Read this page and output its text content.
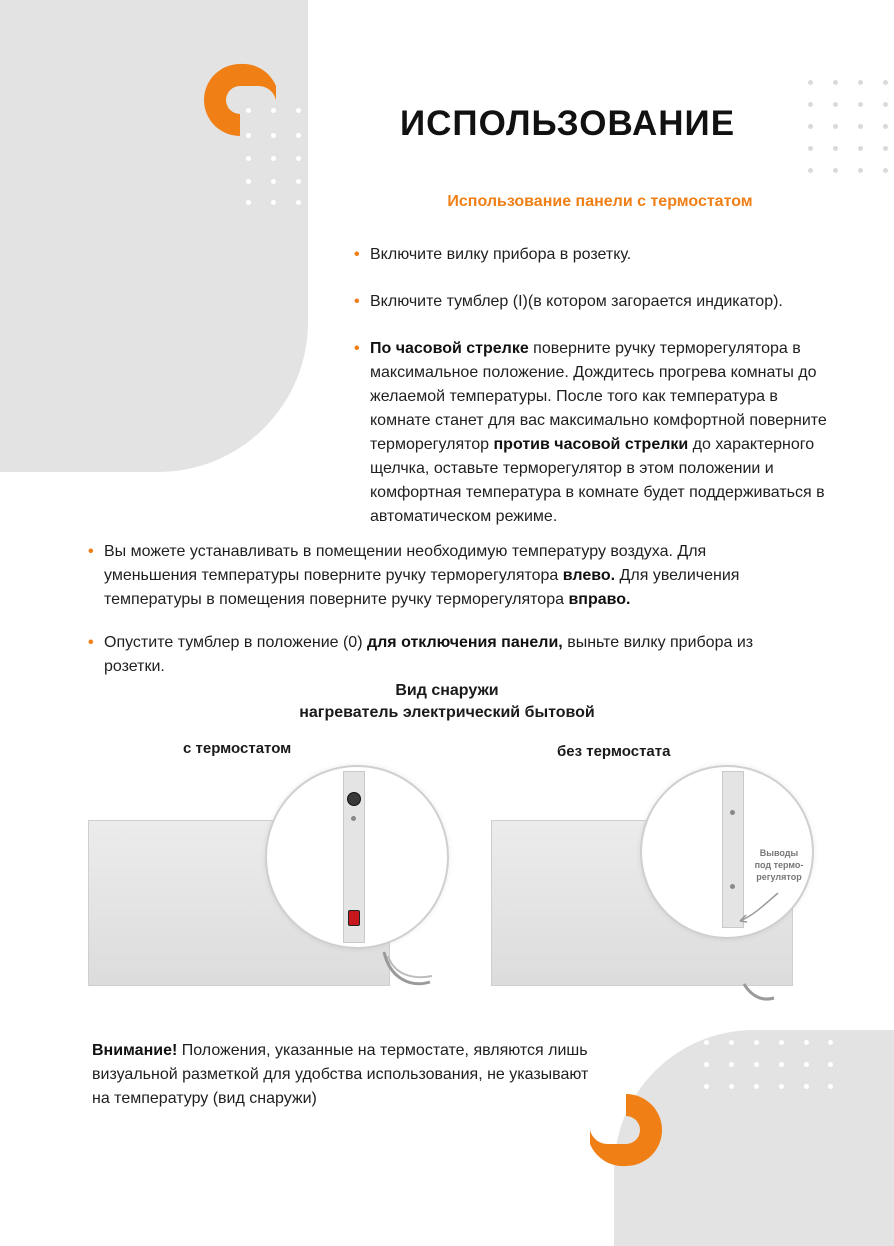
ИСПОЛЬЗОВАНИЕ
Использование панели с термостатом
• Включите вилку прибора в розетку.
• Включите тумблер (I)(в котором загорается индикатор).
• По часовой стрелке поверните ручку терморегулятора в максимальное положение. Дождитесь прогрева комнаты до желаемой температуры. После того как температура в комнате станет для вас максимально комфортной поверните терморегулятор против часовой стрелки до характерного щелчка, оставьте терморегулятор в этом положении и комфортная температура в комнате будет поддерживаться в автоматическом режиме.
• Вы можете устанавливать в помещении необходимую температуру воздуха. Для уменьшения температуры поверните ручку терморегулятора влево. Для увеличения температуры в помещения поверните ручку терморегулятора вправо.
• Опустите тумблер в положение (0) для отключения панели, выньте вилку прибора из розетки.
Вид снаружи
нагреватель электрический бытовой
с термостатом	без термостата
Выводы под термо- регулятор
Внимание! Положения, указанные на термостате, являются лишь визуальной разметкой для удобства использования, не указывают на температуру (вид снаружи)
